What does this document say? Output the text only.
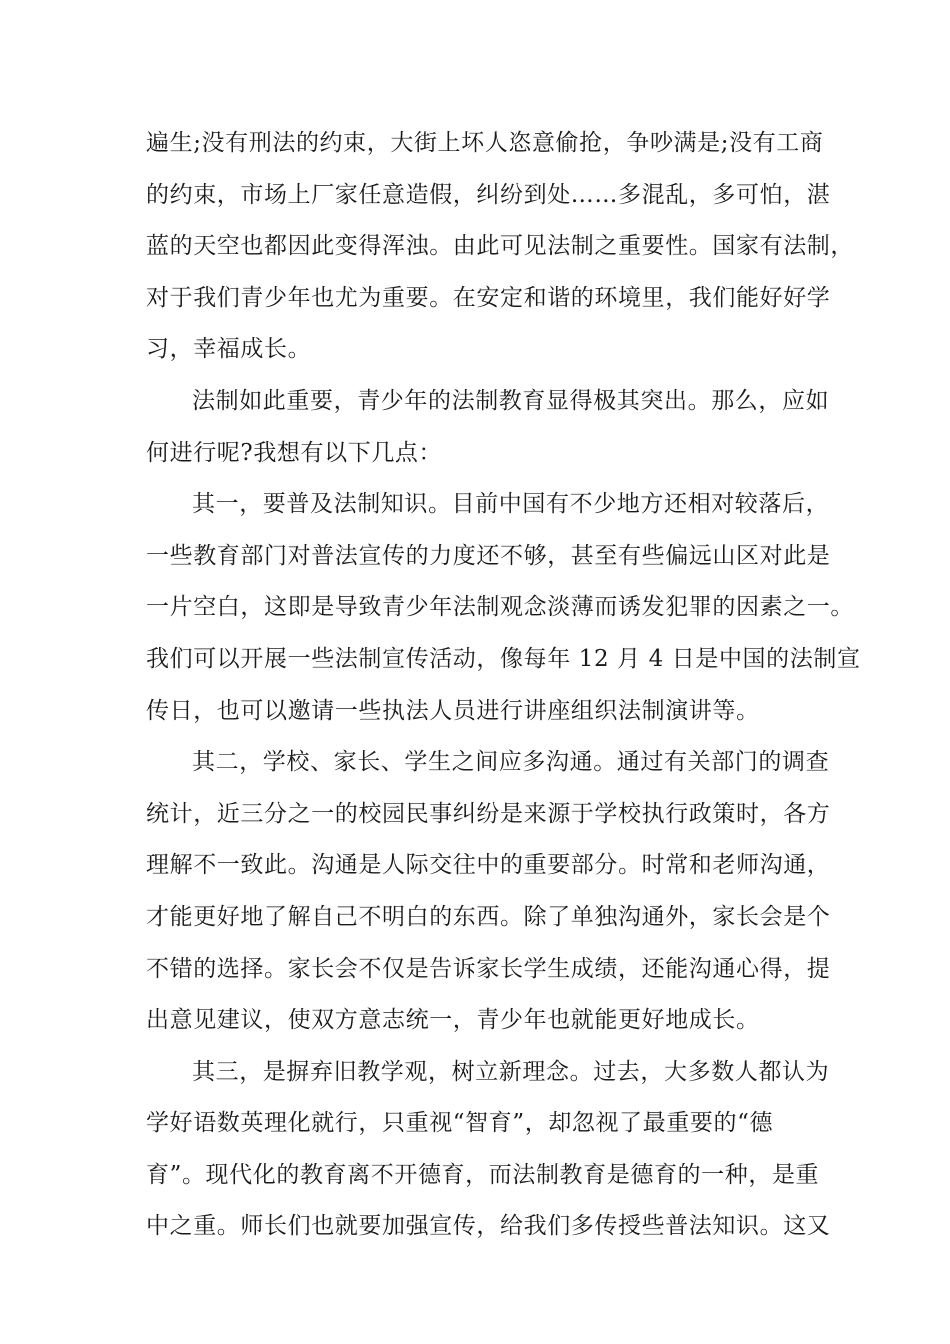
遍生;没有刑法的约束，大街上坏人恣意偷抢，争吵满是;没有工商
的约束，市场上厂家任意造假，纠纷到处……多混乱，多可怕，湛
蓝的天空也都因此变得浑浊。由此可见法制之重要性。国家有法制，
对于我们青少年也尤为重要。在安定和谐的环境里，我们能好好学
习，幸福成长。
法制如此重要，青少年的法制教育显得极其突出。那么，应如
何进行呢?我想有以下几点：
其一，要普及法制知识。目前中国有不少地方还相对较落后，
一些教育部门对普法宣传的力度还不够，甚至有些偏远山区对此是
一片空白，这即是导致青少年法制观念淡薄而诱发犯罪的因素之一。
我们可以开展一些法制宣传活动，像每年 12 月 4 日是中国的法制宣
传日，也可以邀请一些执法人员进行讲座组织法制演讲等。
其二，学校、家长、学生之间应多沟通。通过有关部门的调查
统计，近三分之一的校园民事纠纷是来源于学校执行政策时，各方
理解不一致此。沟通是人际交往中的重要部分。时常和老师沟通，
才能更好地了解自己不明白的东西。除了单独沟通外，家长会是个
不错的选择。家长会不仅是告诉家长学生成绩，还能沟通心得，提
出意见建议，使双方意志统一，青少年也就能更好地成长。
其三，是摒弃旧教学观，树立新理念。过去，大多数人都认为
学好语数英理化就行，只重视“智育”，却忽视了最重要的“德
育”。现代化的教育离不开德育，而法制教育是德育的一种，是重
中之重。师长们也就要加强宣传，给我们多传授些普法知识。这又
